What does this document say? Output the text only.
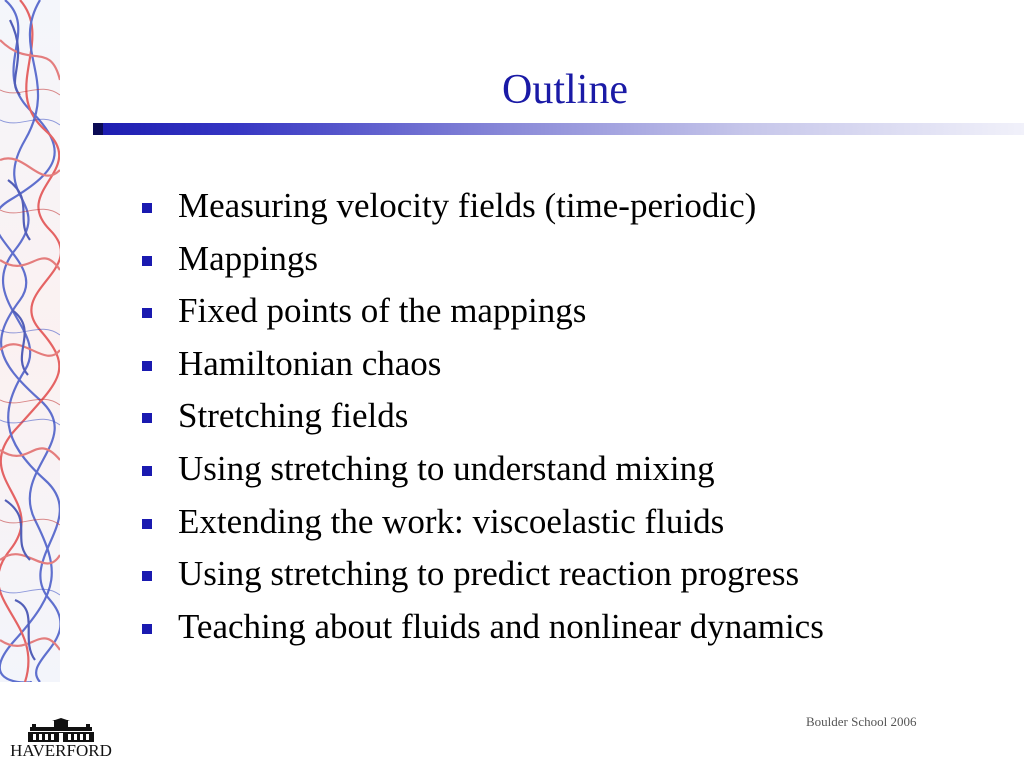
Outline
Measuring velocity fields (time-periodic)
Mappings
Fixed points of the mappings
Hamiltonian chaos
Stretching fields
Using stretching to understand mixing
Extending the work: viscoelastic fluids
Using stretching to predict reaction progress
Teaching about fluids and nonlinear dynamics
HAVERFORD
Boulder School 2006
